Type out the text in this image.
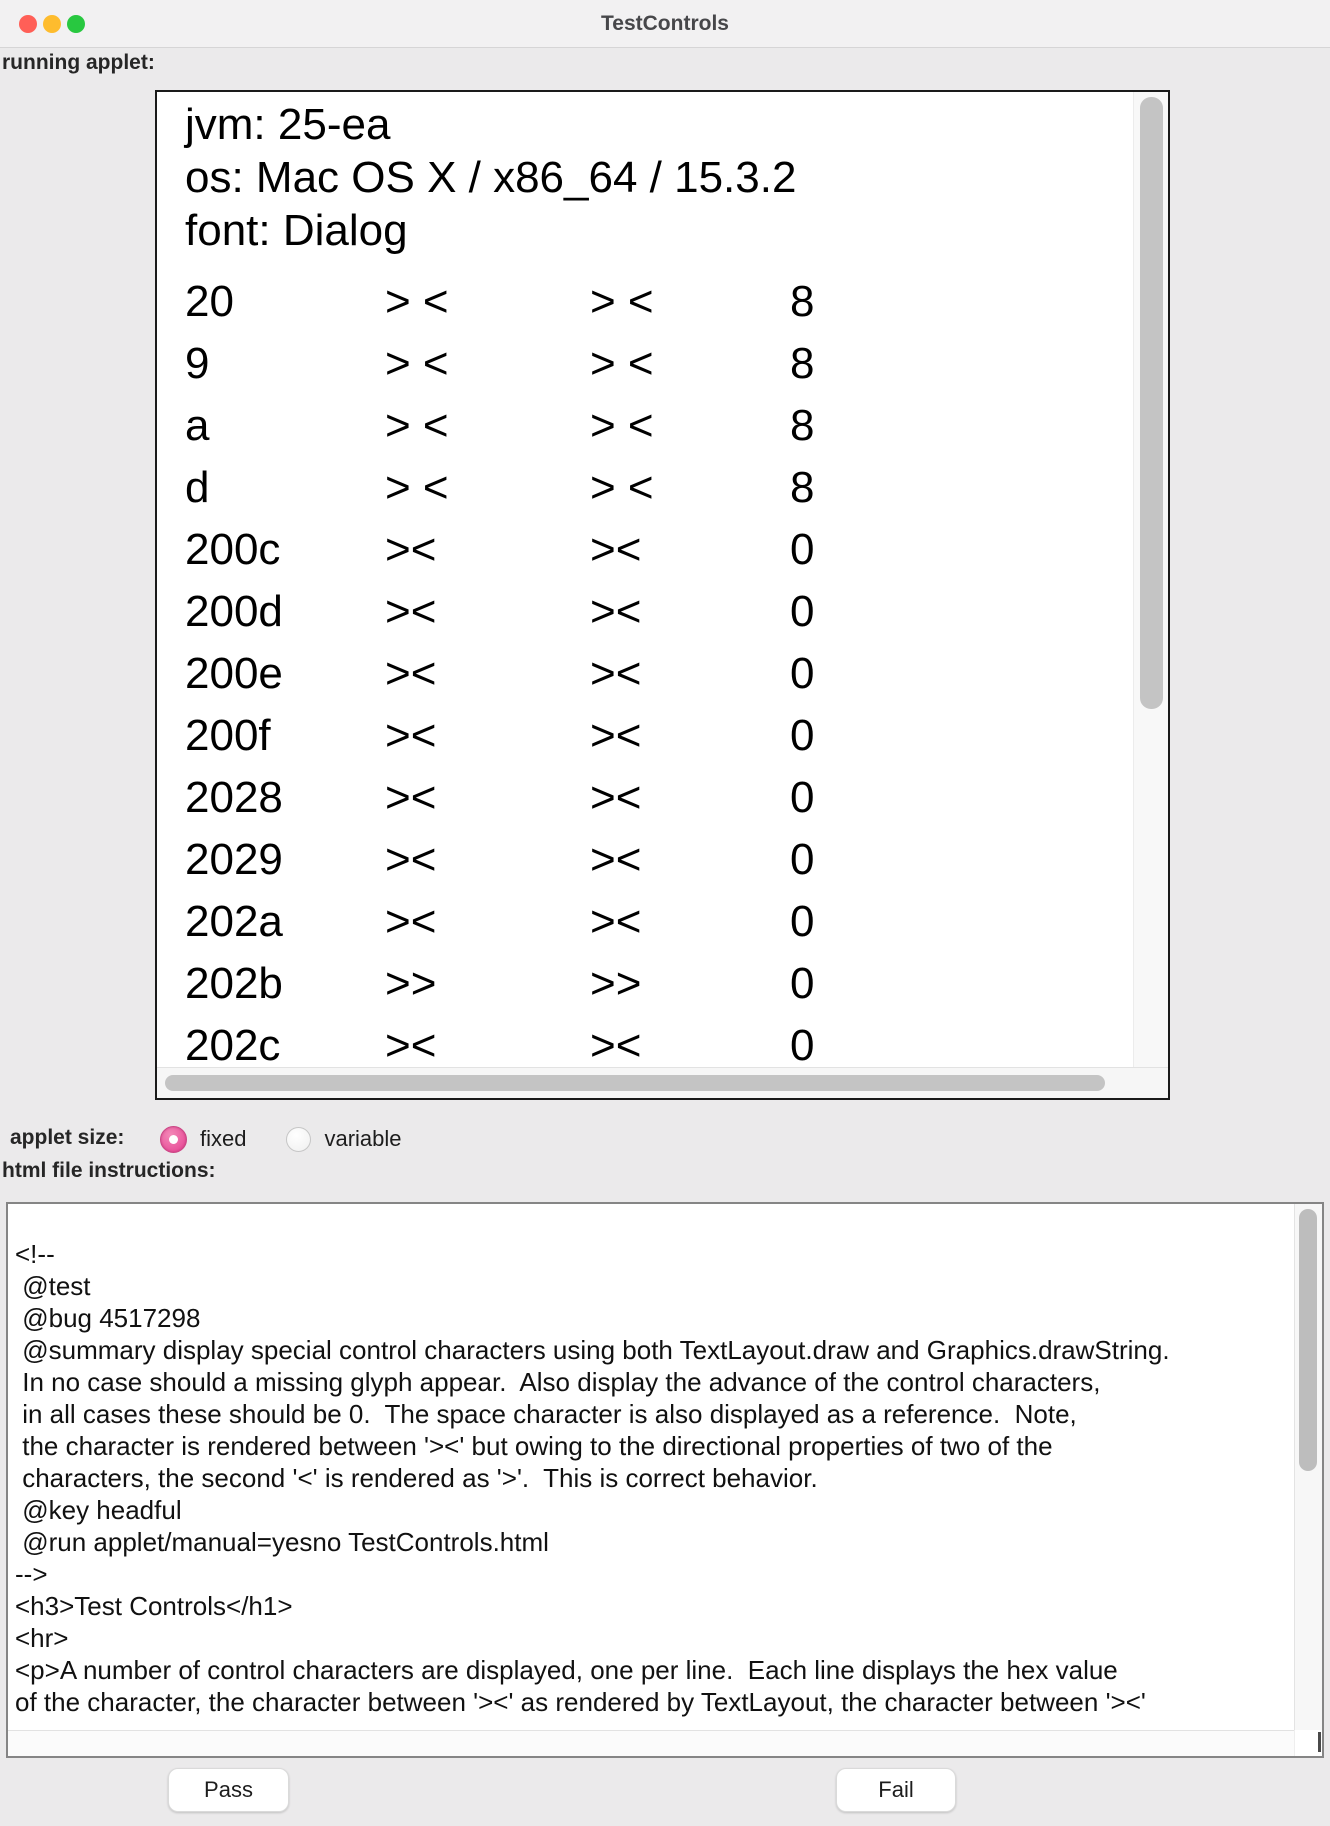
TestControls
running applet:
jvm: 25-ea
os: Mac OS X / x86_64 / 15.3.2
font: Dialog
20	> <	> <	8
9	> <	> <	8
a	> <	> <	8
d	> <	> <	8
200c ><	><	0
200d ><	><	0
200e ><	><	0
200f	><	><	0
2028 ><	><	0
2029 ><	><	0
202a ><	><	0
202b >>	>>	0
202c ><	><	0
applet size:	fixed	variable
html file instructions:
<!--
@test
@bug 4517298
@summary display special control characters using both TextLayout.draw and Graphics.drawString.
In no case should a missing glyph appear.  Also display the advance of the control characters,
in all cases these should be 0.  The space character is also displayed as a reference.  Note,
the character is rendered between '><' but owing to the directional properties of two of the
characters, the second '<' is rendered as '>'.  This is correct behavior.
@key headful
@run applet/manual=yesno TestControls.html
-->
<h3>Test Controls</h1>
<hr>
<p>A number of control characters are displayed, one per line.  Each line displays the hex value
of the character, the character between '><' as rendered by TextLayout, the character between '><'
Pass	Fail
